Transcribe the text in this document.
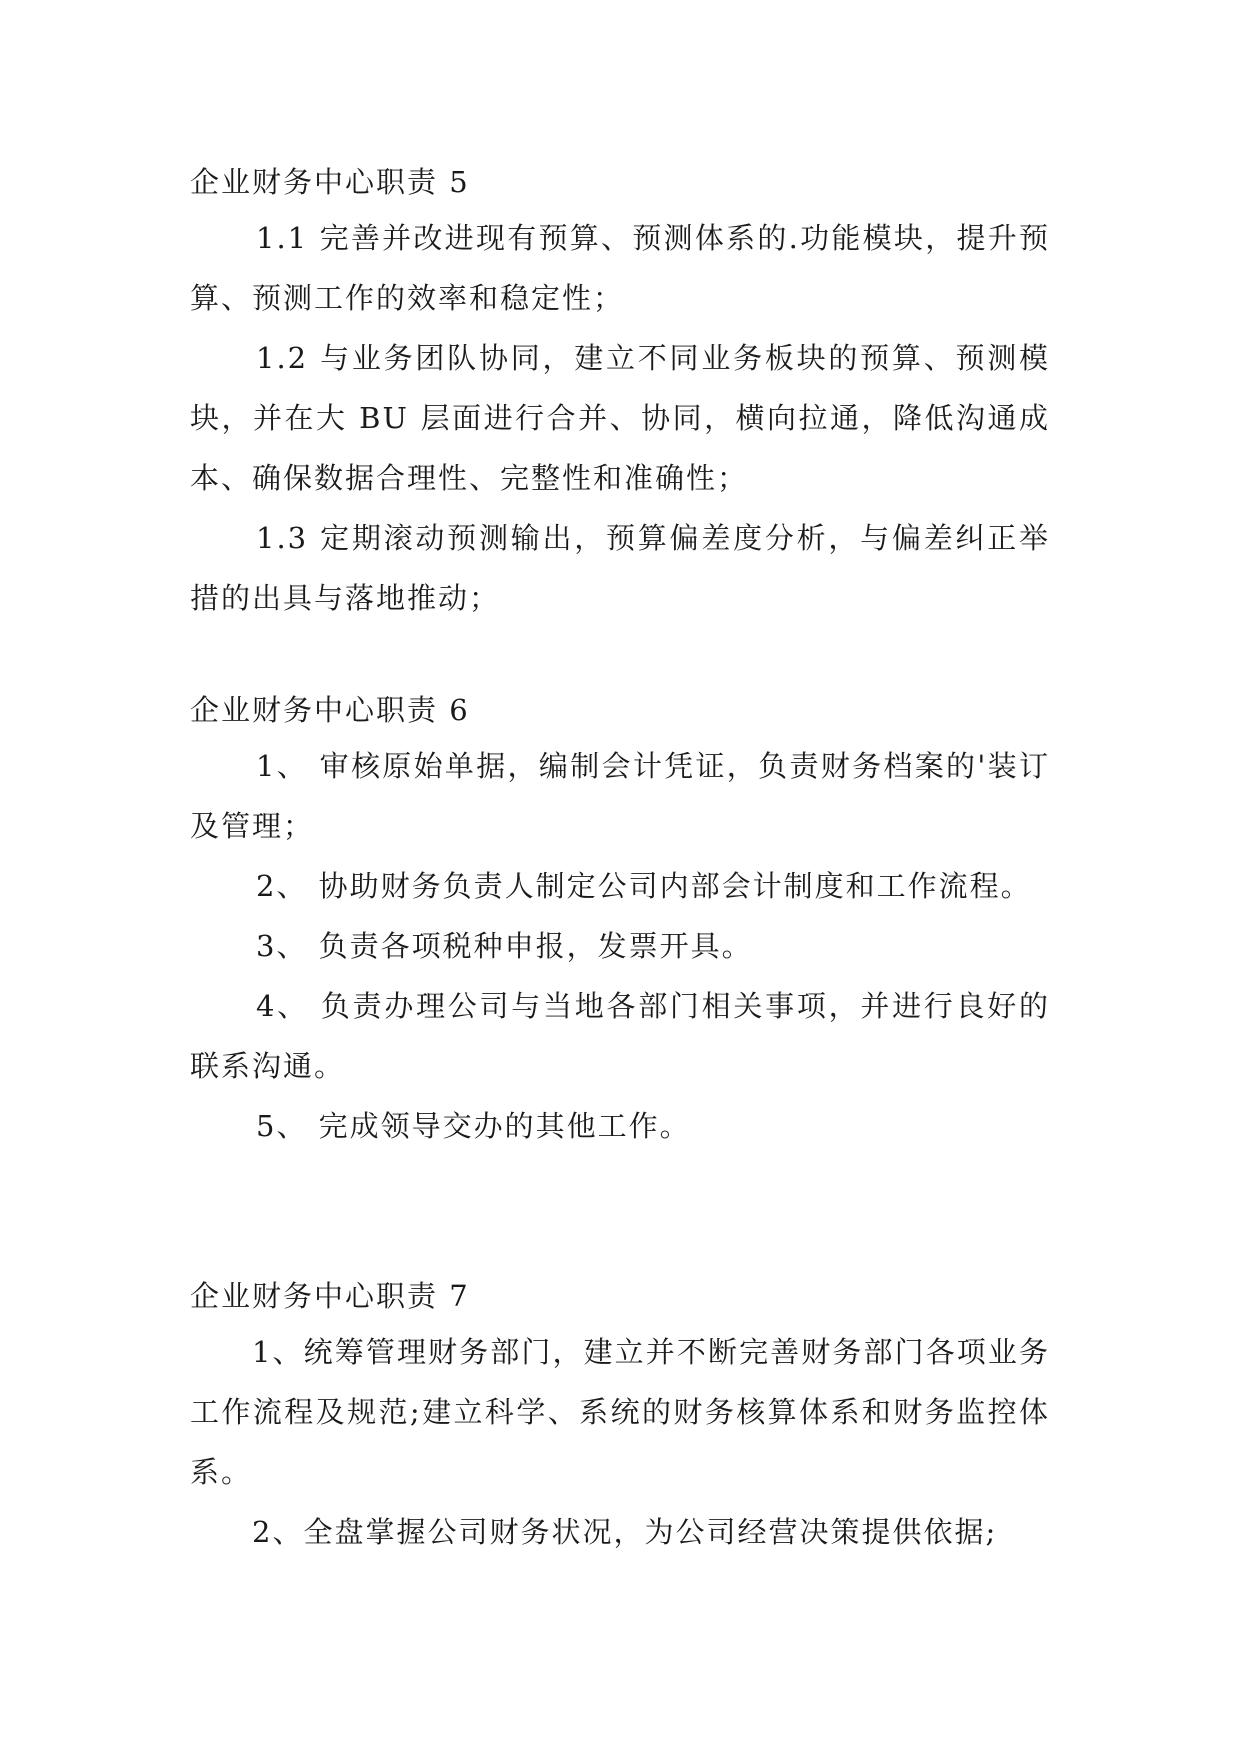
企业财务中心职责 5

1.1 完善并改进现有预算、预测体系的.功能模块，提升预算、预测工作的效率和稳定性；

1.2 与业务团队协同，建立不同业务板块的预算、预测模块，并在大 BU 层面进行合并、协同，横向拉通，降低沟通成本、确保数据合理性、完整性和准确性；

1.3 定期滚动预测输出，预算偏差度分析，与偏差纠正举措的出具与落地推动；

企业财务中心职责 6

1、 审核原始单据，编制会计凭证，负责财务档案的'装订及管理；

2、 协助财务负责人制定公司内部会计制度和工作流程。

3、 负责各项税种申报，发票开具。

4、 负责办理公司与当地各部门相关事项，并进行良好的联系沟通。

5、 完成领导交办的其他工作。

企业财务中心职责 7

1、统筹管理财务部门，建立并不断完善财务部门各项业务工作流程及规范;建立科学、系统的财务核算体系和财务监控体系。

2、全盘掌握公司财务状况，为公司经营决策提供依据;
